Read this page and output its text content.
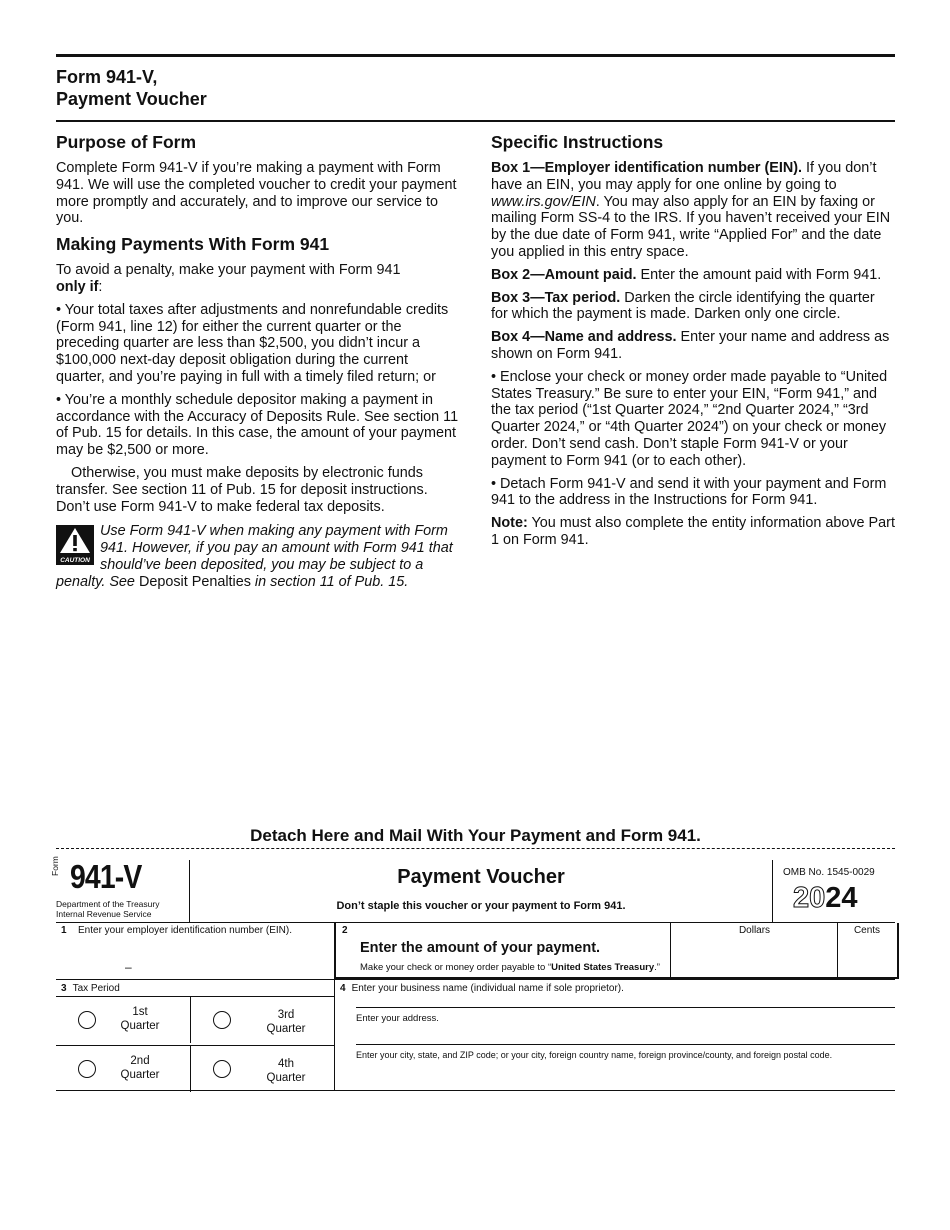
Form 941-V,
Payment Voucher
Purpose of Form

Complete Form 941-V if you’re making a payment with Form 941. We will use the completed voucher to credit your payment more promptly and accurately, and to improve our service to you.

Making Payments With Form 941

To avoid a penalty, make your payment with Form 941
only if:

• Your total taxes after adjustments and nonrefundable credits (Form 941, line 12) for either the current quarter or the preceding quarter are less than $2,500, you didn’t incur a $100,000 next-day deposit obligation during the current quarter, and you’re paying in full with a timely filed return; or

• You’re a monthly schedule depositor making a payment in accordance with the Accuracy of Deposits Rule. See section 11 of Pub. 15 for details. In this case, the amount of your payment may be $2,500 or more.

Otherwise, you must make deposits by electronic funds transfer. See section 11 of Pub. 15 for deposit instructions. Don’t use Form 941-V to make federal tax deposits.

CAUTION
Use Form 941-V when making any payment with Form 941. However, if you pay an amount with Form 941 that should’ve been deposited, you may be subject to a penalty. See Deposit Penalties in section 11 of Pub. 15.
Specific Instructions

Box 1—Employer identification number (EIN). If you don’t have an EIN, you may apply for one online by going to www.irs.gov/EIN. You may also apply for an EIN by faxing or mailing Form SS-4 to the IRS. If you haven’t received your EIN by the due date of Form 941, write “Applied For” and the date you applied in this entry space.

Box 2—Amount paid. Enter the amount paid with Form 941.

Box 3—Tax period. Darken the circle identifying the quarter for which the payment is made. Darken only one circle.

Box 4—Name and address. Enter your name and address as shown on Form 941.

• Enclose your check or money order made payable to “United States Treasury.” Be sure to enter your EIN, “Form 941,” and the tax period (“1st Quarter 2024,” “2nd Quarter 2024,” “3rd Quarter 2024,” or “4th Quarter 2024”) on your check or money order. Don’t send cash. Don’t staple Form 941-V or your payment to Form 941 (or to each other).

• Detach Form 941-V and send it with your payment and Form 941 to the address in the Instructions for Form 941.

Note: You must also complete the entity information above Part 1 on Form 941.

Detach Here and Mail With Your Payment and Form 941.
Form 941-V
Department of the Treasury
Internal Revenue Service
Payment Voucher
Don’t staple this voucher or your payment to Form 941.
OMB No. 1545-0029
2024
1	Enter your employer identification number (EIN).
–
2
Enter the amount of your payment.
Make your check or money order payable to “United States Treasury.”
Dollars	Cents
3 Tax Period
1st Quarter
3rd Quarter
2nd Quarter
4th Quarter
4 Enter your business name (individual name if sole proprietor).
Enter your address.
Enter your city, state, and ZIP code; or your city, foreign country name, foreign province/county, and foreign postal code.
